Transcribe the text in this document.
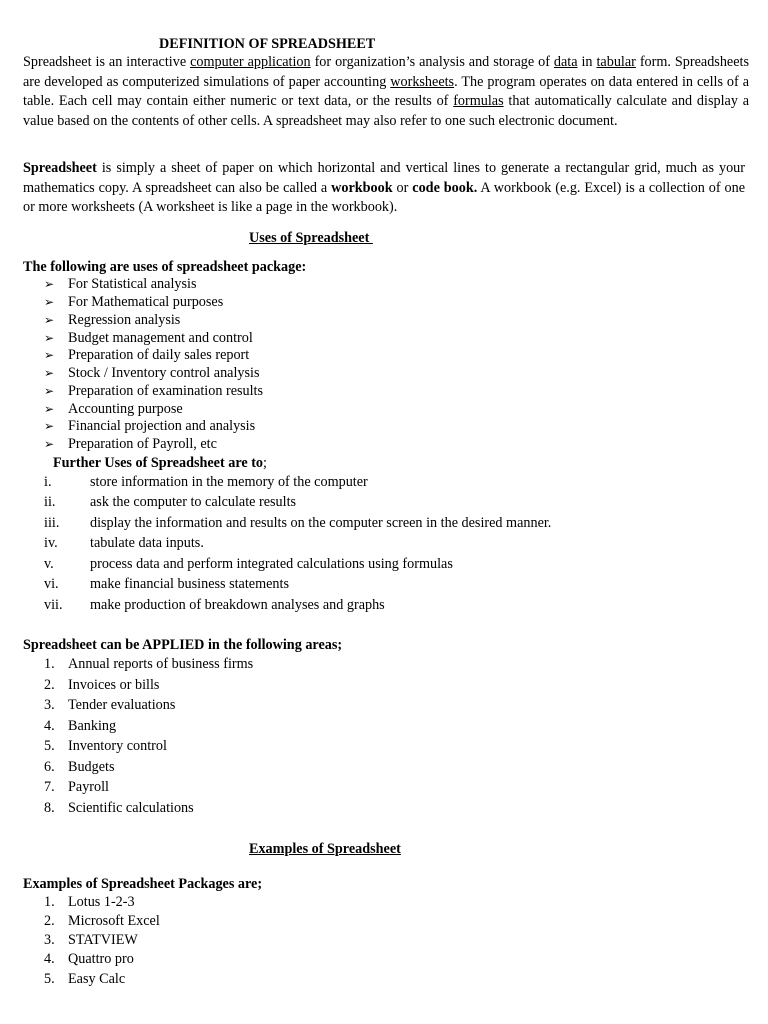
DEFINITION OF SPREADSHEET
Spreadsheet is an interactive computer application for organization’s analysis and storage of data in tabular form. Spreadsheets are developed as computerized simulations of paper accounting worksheets. The program operates on data entered in cells of a table. Each cell may contain either numeric or text data, or the results of formulas that automatically calculate and display a value based on the contents of other cells. A spreadsheet may also refer to one such electronic document.
Spreadsheet is simply a sheet of paper on which horizontal and vertical lines to generate a rectangular grid, much as your mathematics copy. A spreadsheet can also be called a workbook or code book. A workbook (e.g. Excel) is a collection of one or more worksheets (A worksheet is like a page in the workbook).
Uses of Spreadsheet
The following are uses of spreadsheet package:
➢ For Statistical analysis
➢ For Mathematical purposes
➢ Regression analysis
➢ Budget management and control
➢ Preparation of daily sales report
➢ Stock / Inventory control analysis
➢ Preparation of examination results
➢ Accounting purpose
➢ Financial projection and analysis
➢ Preparation of Payroll, etc
Further Uses of Spreadsheet are to;
i.	store information in the memory of the computer
ii. ask the computer to calculate results
iii. display the information and results on the computer screen in the desired manner.
iv. tabulate data inputs.
v.	process data and perform integrated calculations using formulas
vi. make financial business statements
vii. make production of breakdown analyses and graphs
Spreadsheet can be APPLIED in the following areas;
1. Annual reports of business firms
2. Invoices or bills
3. Tender evaluations
4. Banking
5. Inventory control
6. Budgets
7. Payroll
8. Scientific calculations
Examples of Spreadsheet
Examples of Spreadsheet Packages are;
1. Lotus 1-2-3
2. Microsoft Excel
3. STATVIEW
4. Quattro pro
5. Easy Calc
